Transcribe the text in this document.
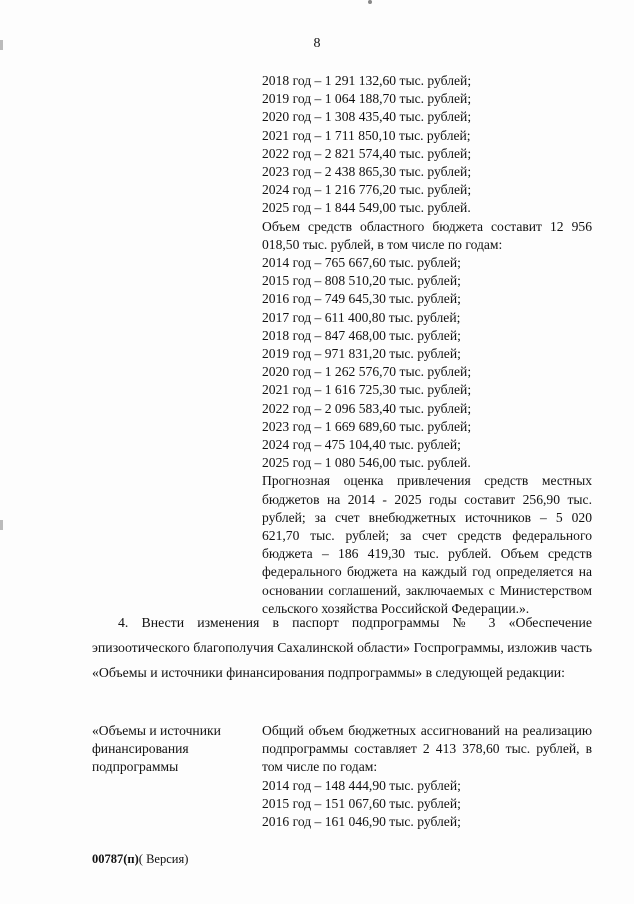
8
2018 год – 1 291 132,60 тыс. рублей;
2019 год – 1 064 188,70 тыс. рублей;
2020 год – 1 308 435,40 тыс. рублей;
2021 год – 1 711 850,10 тыс. рублей;
2022 год – 2 821 574,40 тыс. рублей;
2023 год – 2 438 865,30 тыс. рублей;
2024 год – 1 216 776,20 тыс. рублей;
2025 год – 1 844 549,00 тыс. рублей.
Объем средств областного бюджета составит 12 956 018,50 тыс. рублей, в том числе по годам:
2014 год – 765 667,60 тыс. рублей;
2015 год – 808 510,20 тыс. рублей;
2016 год – 749 645,30 тыс. рублей;
2017 год – 611 400,80 тыс. рублей;
2018 год – 847 468,00 тыс. рублей;
2019 год – 971 831,20 тыс. рублей;
2020 год – 1 262 576,70 тыс. рублей;
2021 год – 1 616 725,30 тыс. рублей;
2022 год – 2 096 583,40 тыс. рублей;
2023 год – 1 669 689,60 тыс. рублей;
2024 год – 475 104,40 тыс. рублей;
2025 год – 1 080 546,00 тыс. рублей.
Прогнозная оценка привлечения средств местных бюджетов на 2014 - 2025 годы составит 256,90 тыс. рублей; за счет внебюджетных источников – 5 020 621,70 тыс. рублей; за счет средств федерального бюджета – 186 419,30 тыс. рублей. Объем средств федерального бюджета на каждый год определяется на основании соглашений, заключаемых с Министерством сельского хозяйства Российской Федерации.».
4. Внести изменения в паспорт подпрограммы № 3 «Обеспечение эпизоотического благополучия Сахалинской области» Госпрограммы, изложив часть «Объемы и источники финансирования подпрограммы» в следующей редакции:
«Объемы и источники финансирования подпрограммы
Общий объем бюджетных ассигнований на реализацию подпрограммы составляет 2 413 378,60 тыс. рублей, в том числе по годам:
2014 год – 148 444,90 тыс. рублей;
2015 год – 151 067,60 тыс. рублей;
2016 год – 161 046,90 тыс. рублей;
00787(п)( Версия)
